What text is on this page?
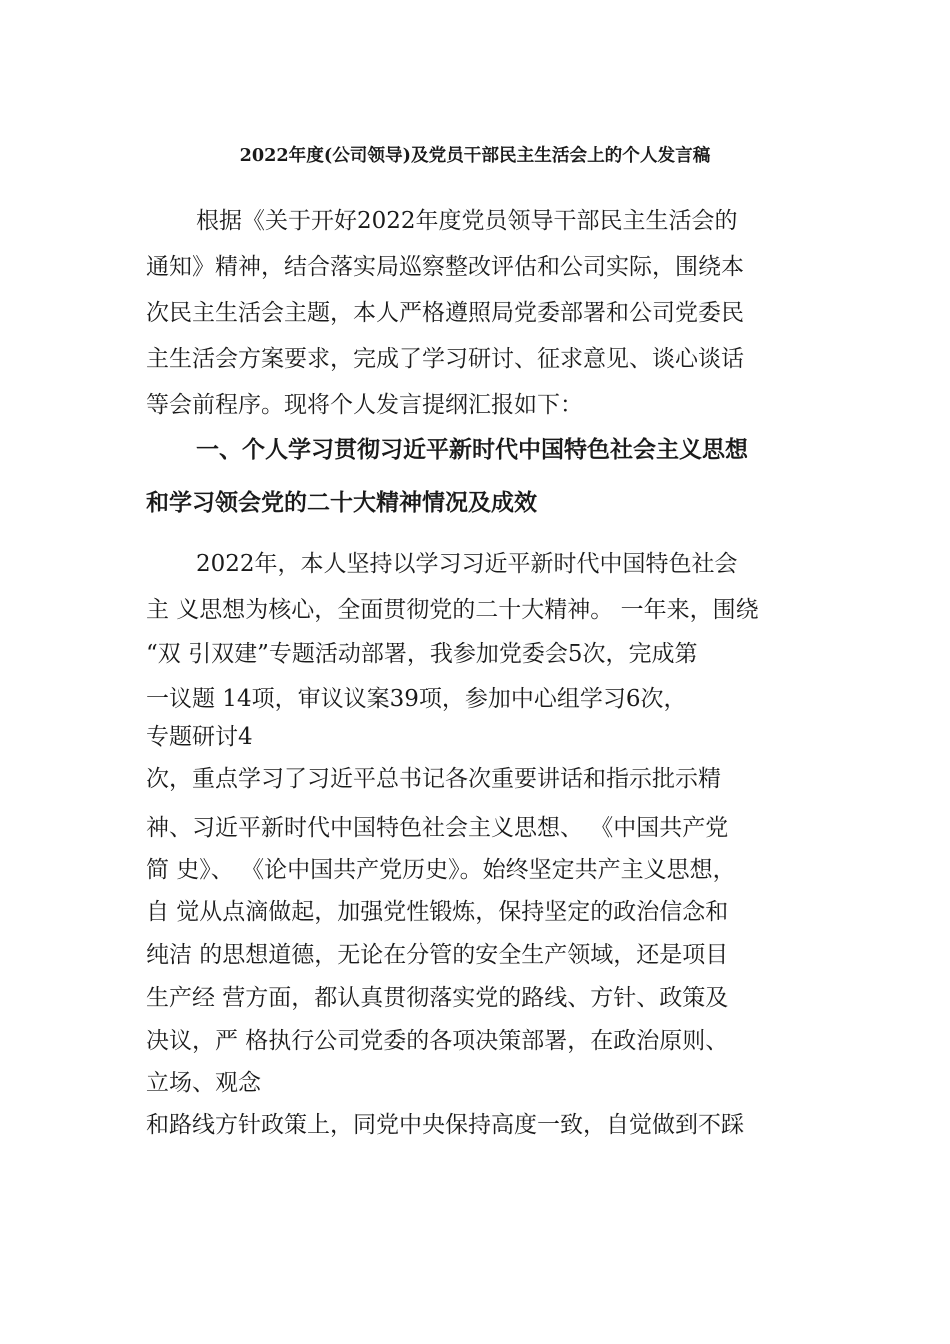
2022年度(公司领导)及党员干部民主生活会上的个人发言稿
根据《关于开好2022年度党员领导干部民主生活会的
通知》精神，结合落实局巡察整改评估和公司实际，围绕本
次民主生活会主题，本人严格遵照局党委部署和公司党委民
主生活会方案要求，完成了学习研讨、征求意见、谈心谈话
等会前程序。现将个人发言提纲汇报如下：
一、个人学习贯彻习近平新时代中国特色社会主义思想
和学习领会党的二十大精神情况及成效
2022年，本人坚持以学习习近平新时代中国特色社会
主 义思想为核心，全面贯彻党的二十大精神。 一年来，围绕
“双 引双建”专题活动部署，我参加党委会5次，完成第
一议题 14项，审议议案39项，参加中心组学习6次，
专题研讨4
次，重点学习了习近平总书记各次重要讲话和指示批示精
神、习近平新时代中国特色社会主义思想、 《中国共产党
简 史》、 《论中国共产党历史》。始终坚定共产主义思想，
自 觉从点滴做起，加强党性锻炼，保持坚定的政治信念和
纯洁 的思想道德，无论在分管的安全生产领域，还是项目
生产经 营方面，都认真贯彻落实党的路线、方针、政策及
决议，严 格执行公司党委的各项决策部署，在政治原则、
立场、观念
和路线方针政策上，同党中央保持高度一致，自觉做到不踩
